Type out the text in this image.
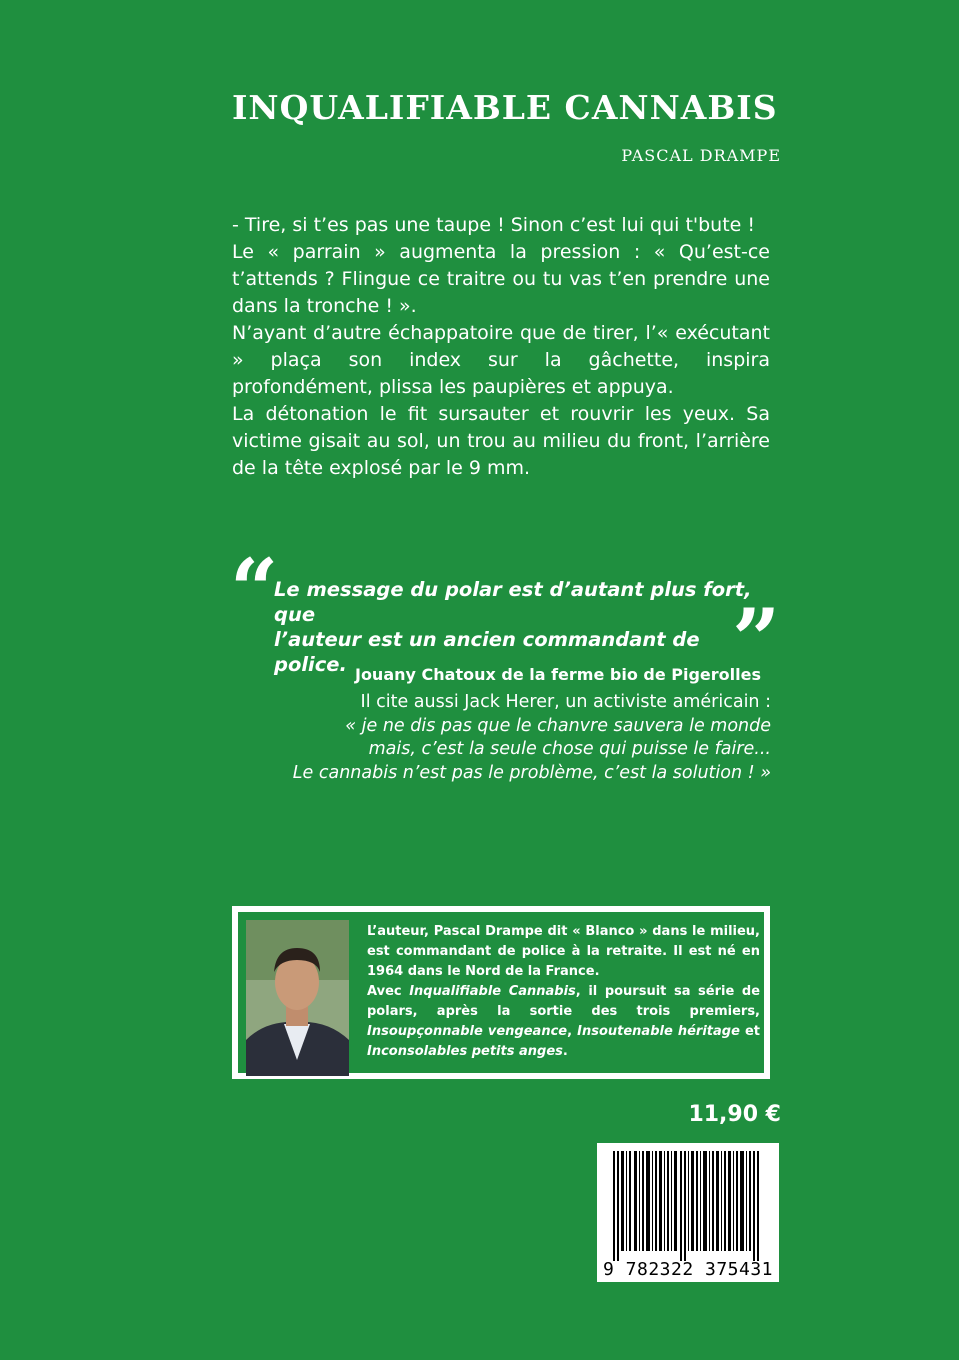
INQUALIFIABLE CANNABIS
PASCAL DRAMPE

- Tire, si t’es pas une taupe ! Sinon c’est lui qui t'bute !

Le « parrain » augmenta la pression : « Qu’est-ce t’attends ? Flingue ce traitre ou tu vas t’en prendre une dans la tronche ! ».

N’ayant d’autre échappatoire que de tirer, l’« exécutant » plaça son index sur la gâchette, inspira profondément, plissa les paupières et appuya.

La détonation le fit sursauter et rouvrir les yeux. Sa victime gisait au sol, un trou au milieu du front, l’arrière de la tête explosé par le 9 mm.

“
Le message du polar est d’autant plus fort, que
l’auteur est un ancien commandant de police.	”
Jouany Chatoux de la ferme bio de Pigerolles
Il cite aussi Jack Herer, un activiste américain :
« je ne dis pas que le chanvre sauvera le monde
mais, c’est la seule chose qui puisse le faire...
Le cannabis n’est pas le problème, c’est la solution ! »

L’auteur, Pascal Drampe dit « Blanco » dans le milieu, est commandant de police à la retraite. Il est né en 1964 dans le Nord de la France.

Avec Inqualifiable Cannabis, il poursuit sa série de polars, après la sortie des trois premiers, Insoupçonnable vengeance, Insoutenable héritage et Inconsolables petits anges.

11,90 €
9 782322 375431
